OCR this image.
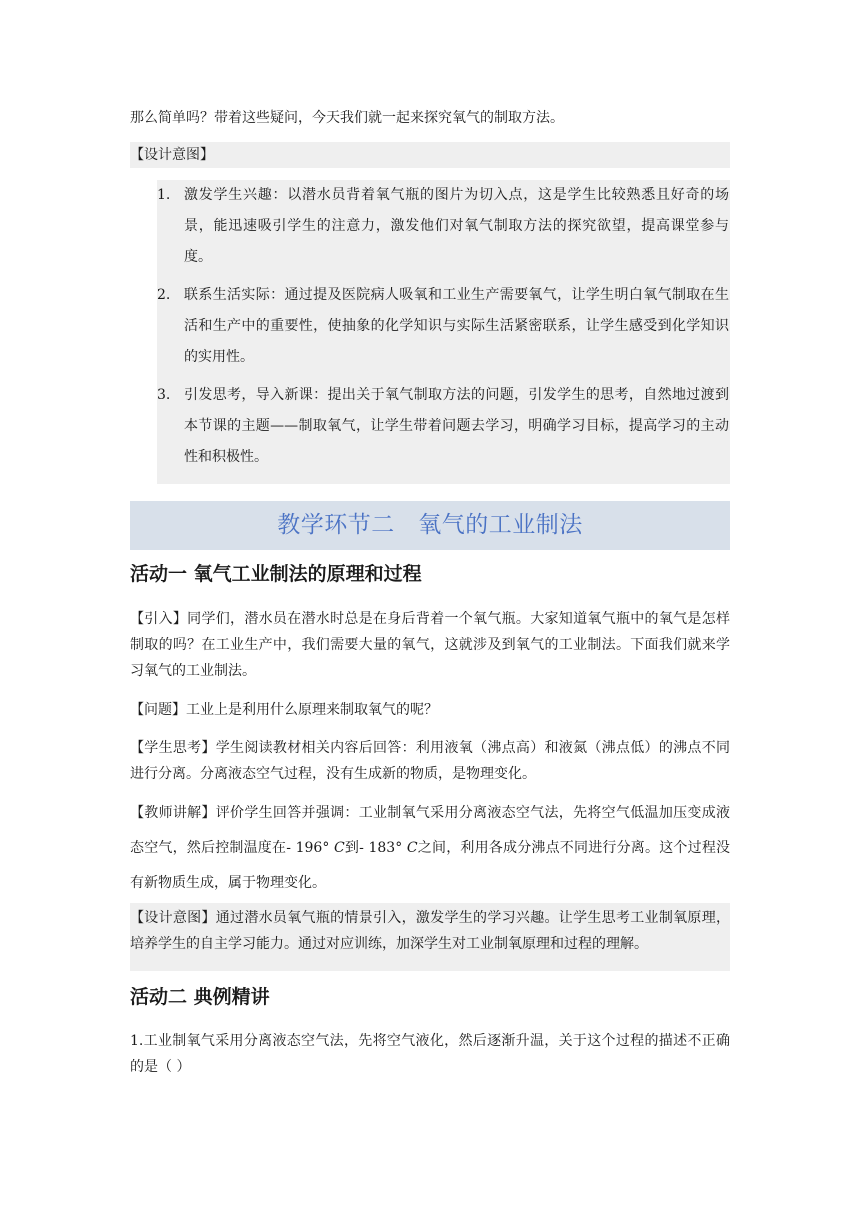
那么简单吗？带着这些疑问，今天我们就一起来探究氧气的制取方法。

【设计意图】
1. 激发学生兴趣：以潜水员背着氧气瓶的图片为切入点，这是学生比较熟悉且好奇的场景，能迅速吸引学生的注意力，激发他们对氧气制取方法的探究欲望，提高课堂参与度。
2. 联系生活实际：通过提及医院病人吸氧和工业生产需要氧气，让学生明白氧气制取在生活和生产中的重要性，使抽象的化学知识与实际生活紧密联系，让学生感受到化学知识的实用性。
3. 引发思考，导入新课：提出关于氧气制取方法的问题，引发学生的思考，自然地过渡到本节课的主题——制取氧气，让学生带着问题去学习，明确学习目标，提高学习的主动性和积极性。
教学环节二　氧气的工业制法
活动一 氧气工业制法的原理和过程
【引入】同学们，潜水员在潜水时总是在身后背着一个氧气瓶。大家知道氧气瓶中的氧气是怎样制取的吗？在工业生产中，我们需要大量的氧气，这就涉及到氧气的工业制法。下面我们就来学习氧气的工业制法。
【问题】工业上是利用什么原理来制取氧气的呢？
【学生思考】学生阅读教材相关内容后回答：利用液氧（沸点高）和液氮（沸点低）的沸点不同进行分离。分离液态空气过程，没有生成新的物质，是物理变化。
【教师讲解】评价学生回答并强调：工业制氧气采用分离液态空气法，先将空气低温加压变成液态空气，然后控制温度在- 196° C到- 183° C之间，利用各成分沸点不同进行分离。这个过程没有新物质生成，属于物理变化。
【设计意图】通过潜水员氧气瓶的情景引入，激发学生的学习兴趣。让学生思考工业制氧原理，培养学生的自主学习能力。通过对应训练，加深学生对工业制氧原理和过程的理解。
活动二 典例精讲
1.工业制氧气采用分离液态空气法，先将空气液化，然后逐渐升温，关于这个过程的描述不正确的是（ ）
